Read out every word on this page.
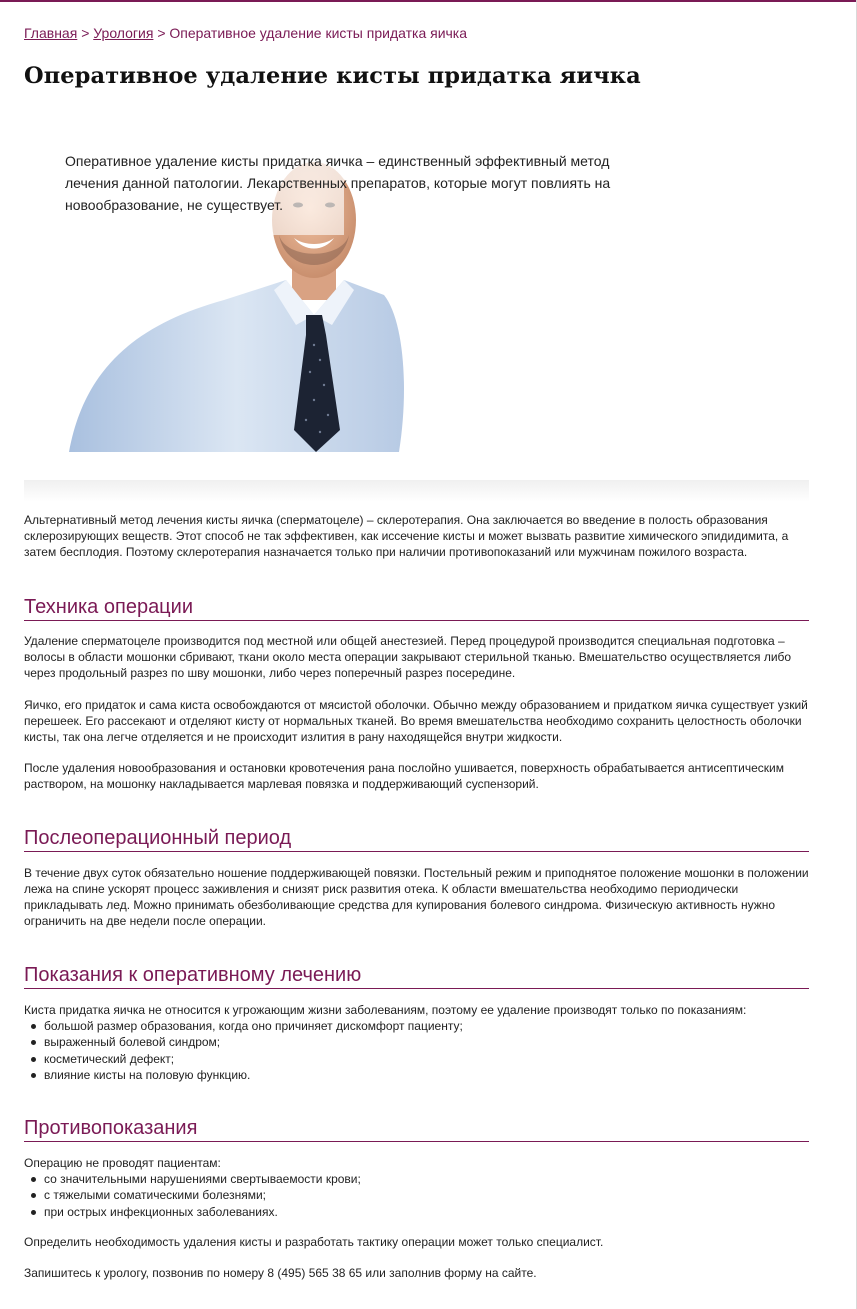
Главная > Урология > Оперативное удаление кисты придатка яичка
Оперативное удаление кисты придатка яичка
Оперативное удаление кисты придатка яичка – единственный эффективный метод лечения данной патологии. Лекарственных препаратов, которые могут повлиять на новообразование, не существует.
Альтернативный метод лечения кисты яичка (сперматоцеле) – склеротерапия. Она заключается во введение в полость образования склерозирующих веществ. Этот способ не так эффективен, как иссечение кисты и может вызвать развитие химического эпидидимита, а затем бесплодия. Поэтому склеротерапия назначается только при наличии противопоказаний или мужчинам пожилого возраста.
Техника операции
Удаление сперматоцеле производится под местной или общей анестезией. Перед процедурой производится специальная подготовка – волосы в области мошонки сбривают, ткани около места операции закрывают стерильной тканью. Вмешательство осуществляется либо через продольный разрез по шву мошонки, либо через поперечный разрез посередине.
Яичко, его придаток и сама киста освобождаются от мясистой оболочки. Обычно между образованием и придатком яичка существует узкий перешеек. Его рассекают и отделяют кисту от нормальных тканей. Во время вмешательства необходимо сохранить целостность оболочки кисты, так она легче отделяется и не происходит излития в рану находящейся внутри жидкости.
После удаления новообразования и остановки кровотечения рана послойно ушивается, поверхность обрабатывается антисептическим раствором, на мошонку накладывается марлевая повязка и поддерживающий суспензорий.
Послеоперационный период
В течение двух суток обязательно ношение поддерживающей повязки. Постельный режим и приподнятое положение мошонки в положении лежа на спине ускорят процесс заживления и снизят риск развития отека. К области вмешательства необходимо периодически прикладывать лед. Можно принимать обезболивающие средства для купирования болевого синдрома. Физическую активность нужно ограничить на две недели после операции.
Показания к оперативному лечению
Киста придатка яичка не относится к угрожающим жизни заболеваниям, поэтому ее удаление производят только по показаниям:
большой размер образования, когда оно причиняет дискомфорт пациенту;
выраженный болевой синдром;
косметический дефект;
влияние кисты на половую функцию.
Противопоказания
Операцию не проводят пациентам:
со значительными нарушениями свертываемости крови;
с тяжелыми соматическими болезнями;
при острых инфекционных заболеваниях.
Определить необходимость удаления кисты и разработать тактику операции может только специалист.
Запишитесь к урологу, позвонив по номеру 8 (495) 565 38 65 или заполнив форму на сайте.
